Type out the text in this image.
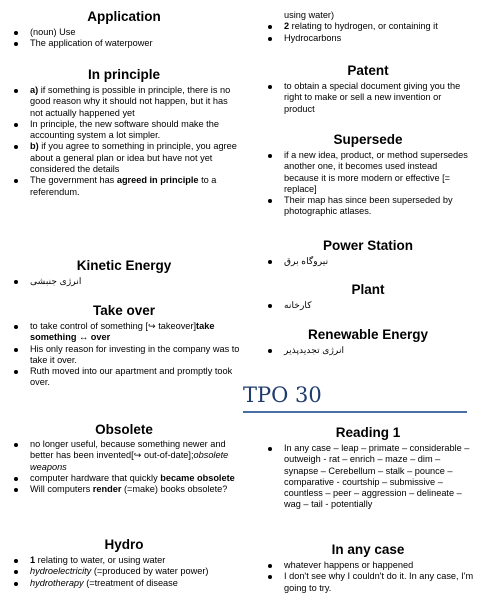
Application
(noun) Use
The application of waterpower
In principle
a) if something is possible in principle, there is no good reason why it should not happen, but it has not actually happened yet
In principle, the new software should make the accounting system a lot simpler.
b) if you agree to something in principle, you agree about a general plan or idea but have not yet considered the details
The government has agreed in principle to a referendum.
Kinetic Energy
انرژی جنبشی
Take over
to take control of something [↪ takeover]take something ↔ over
His only reason for investing in the company was to take it over.
Ruth moved into our apartment and promptly took over.
Obsolete
no longer useful, because something newer and better has been invented[↪ out-of-date];obsolete weapons
computer hardware that quickly became obsolete
Will computers render (=make) books obsolete?
Hydro
1 relating to water, or using water
hydroelectricity (=produced by water power)
hydrotherapy (=treatment of disease
using water)
2 relating to hydrogen, or containing it
Hydrocarbons
Patent
to obtain a special document giving you the right to make or sell a new invention or product
Supersede
if a new idea, product, or method supersedes another one, it becomes used instead because it is more modern or effective [= replace]
Their map has since been superseded by photographic atlases.
Power Station
نیروگاه برق
Plant
کارخانه
Renewable Energy
انرژی تجدیدپذیر
Reading 1
In any case – leap – primate – considerable – outweigh - rat – enrich – maze – dim – synapse – Cerebellum – stalk – pounce – comparative - courtship – submissive – countless – peer – aggression – delineate – wag – tail - potentially
In any case
whatever happens or happened
I don't see why I couldn't do it. In any case, I'm going to try.
TPO 30
